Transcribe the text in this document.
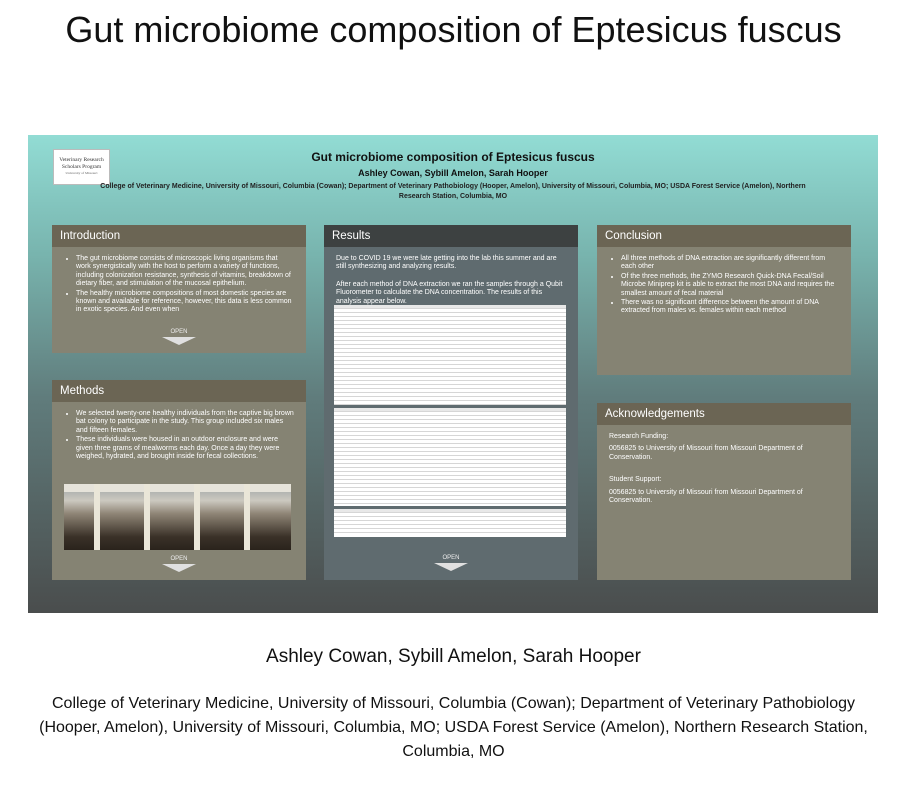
Gut microbiome composition of Eptesicus fuscus
Veterinary Research
Scholars Program
University of Missouri
Gut microbiome composition of Eptesicus fuscus
Ashley Cowan, Sybill Amelon, Sarah Hooper
College of Veterinary Medicine, University of Missouri, Columbia (Cowan); Department of Veterinary Pathobiology (Hooper, Amelon), University of Missouri, Columbia, MO; USDA Forest Service (Amelon), Northern Research Station, Columbia, MO
Introduction
• The gut microbiome consists of microscopic living organisms that work synergistically with the host to perform a variety of functions, including colonization resistance, synthesis of vitamins, breakdown of dietary fiber, and stimulation of the mucosal epithelium.
• The healthy microbiome compositions of most domestic species are known and available for reference, however, this data is less common in exotic species. And even when
OPEN
Methods
• We selected twenty-one healthy individuals from the captive big brown bat colony to participate in the study. This group included six males and fifteen females.
• These individuals were housed in an outdoor enclosure and were given three grams of mealworms each day. Once a day they were weighed, hydrated, and brought inside for fecal collections.
OPEN
Results
Due to COVID 19 we were late getting into the lab this summer and are still synthesizing and analyzing results.
After each method of DNA extraction we ran the samples through a Qubit Fluorometer to calculate the DNA concentration. The results of this analysis appear below.
OPEN
Conclusion
• All three methods of DNA extraction are significantly different from each other
• Of the three methods, the ZYMO Research Quick-DNA Fecal/Soil Microbe Miniprep kit is able to extract the most DNA and requires the smallest amount of fecal material
• There was no significant difference between the amount of DNA extracted from males vs. females within each method
Acknowledgements
Research Funding:
0056825 to University of Missouri from Missouri Department of Conservation.
Student Support:
0056825 to University of Missouri from Missouri Department of Conservation.
Ashley Cowan, Sybill Amelon, Sarah Hooper
College of Veterinary Medicine, University of Missouri, Columbia (Cowan); Department of Veterinary Pathobiology (Hooper, Amelon), University of Missouri, Columbia, MO; USDA Forest Service (Amelon), Northern Research Station, Columbia, MO
